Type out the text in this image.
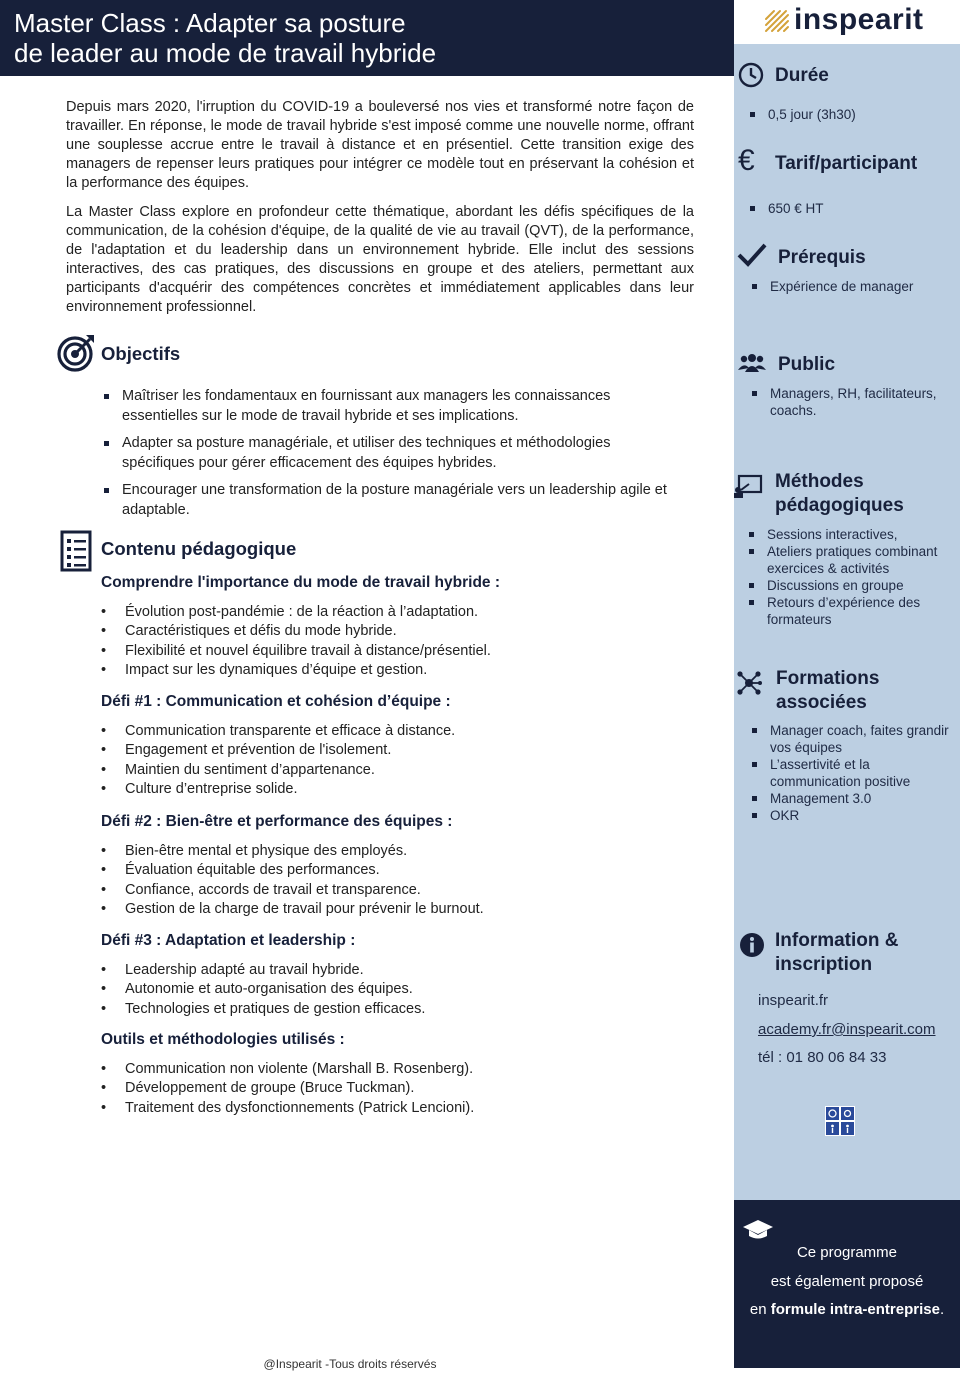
Master Class : Adapter sa posture
de leader au mode de travail hybride
inspearit
Durée
0,5 jour (3h30)
€ Tarif/participant
650 € HT
Prérequis
Expérience de manager
Public
Managers, RH, facilitateurs, coachs.
Méthodes
pédagogiques
Sessions interactives,
Ateliers pratiques combinant exercices & activités
Discussions en groupe
Retours d’expérience des formateurs
Formations
associées
Manager coach, faites grandir vos équipes
L’assertivité et la communication positive
Management 3.0
OKR
Information &
inscription
inspearit.fr
academy.fr@inspearit.com
tél : 01 80 06 84 33
Ce programme
est également proposé
en formule intra-entreprise.
Depuis mars 2020, l'irruption du COVID-19 a bouleversé nos vies et transformé notre façon de travailler. En réponse, le mode de travail hybride s'est imposé comme une nouvelle norme, offrant une souplesse accrue entre le travail à distance et en présentiel. Cette transition exige des managers de repenser leurs pratiques pour intégrer ce modèle tout en préservant la cohésion et la performance des équipes.
La Master Class explore en profondeur cette thématique, abordant les défis spécifiques de la communication, de la cohésion d'équipe, de la qualité de vie au travail (QVT), de la performance, de l'adaptation et du leadership dans un environnement hybride. Elle inclut des sessions interactives, des cas pratiques, des discussions en groupe et des ateliers, permettant aux participants d'acquérir des compétences concrètes et immédiatement applicables dans leur environnement professionnel.
Objectifs
Maîtriser les fondamentaux en fournissant aux managers les connaissances essentielles sur le mode de travail hybride et ses implications.
Adapter sa posture managériale, et utiliser des techniques et méthodologies spécifiques pour gérer efficacement des équipes hybrides.
Encourager une transformation de la posture managériale vers un leadership agile et adaptable.
Contenu pédagogique
Comprendre l'importance du mode de travail hybride :
• Évolution post-pandémie : de la réaction à l’adaptation.
• Caractéristiques et défis du mode hybride.
• Flexibilité et nouvel équilibre travail à distance/présentiel.
• Impact sur les dynamiques d’équipe et gestion.
Défi #1 : Communication et cohésion d’équipe :
• Communication transparente et efficace à distance.
• Engagement et prévention de l'isolement.
• Maintien du sentiment d’appartenance.
• Culture d’entreprise solide.
Défi #2 : Bien-être et performance des équipes :
• Bien-être mental et physique des employés.
• Évaluation équitable des performances.
• Confiance, accords de travail et transparence.
• Gestion de la charge de travail pour prévenir le burnout.
Défi #3 : Adaptation et leadership :
• Leadership adapté au travail hybride.
• Autonomie et auto-organisation des équipes.
• Technologies et pratiques de gestion efficaces.
Outils et méthodologies utilisés :
• Communication non violente (Marshall B. Rosenberg).
• Développement de groupe (Bruce Tuckman).
• Traitement des dysfonctionnements (Patrick Lencioni).
@Inspearit -Tous droits réservés
